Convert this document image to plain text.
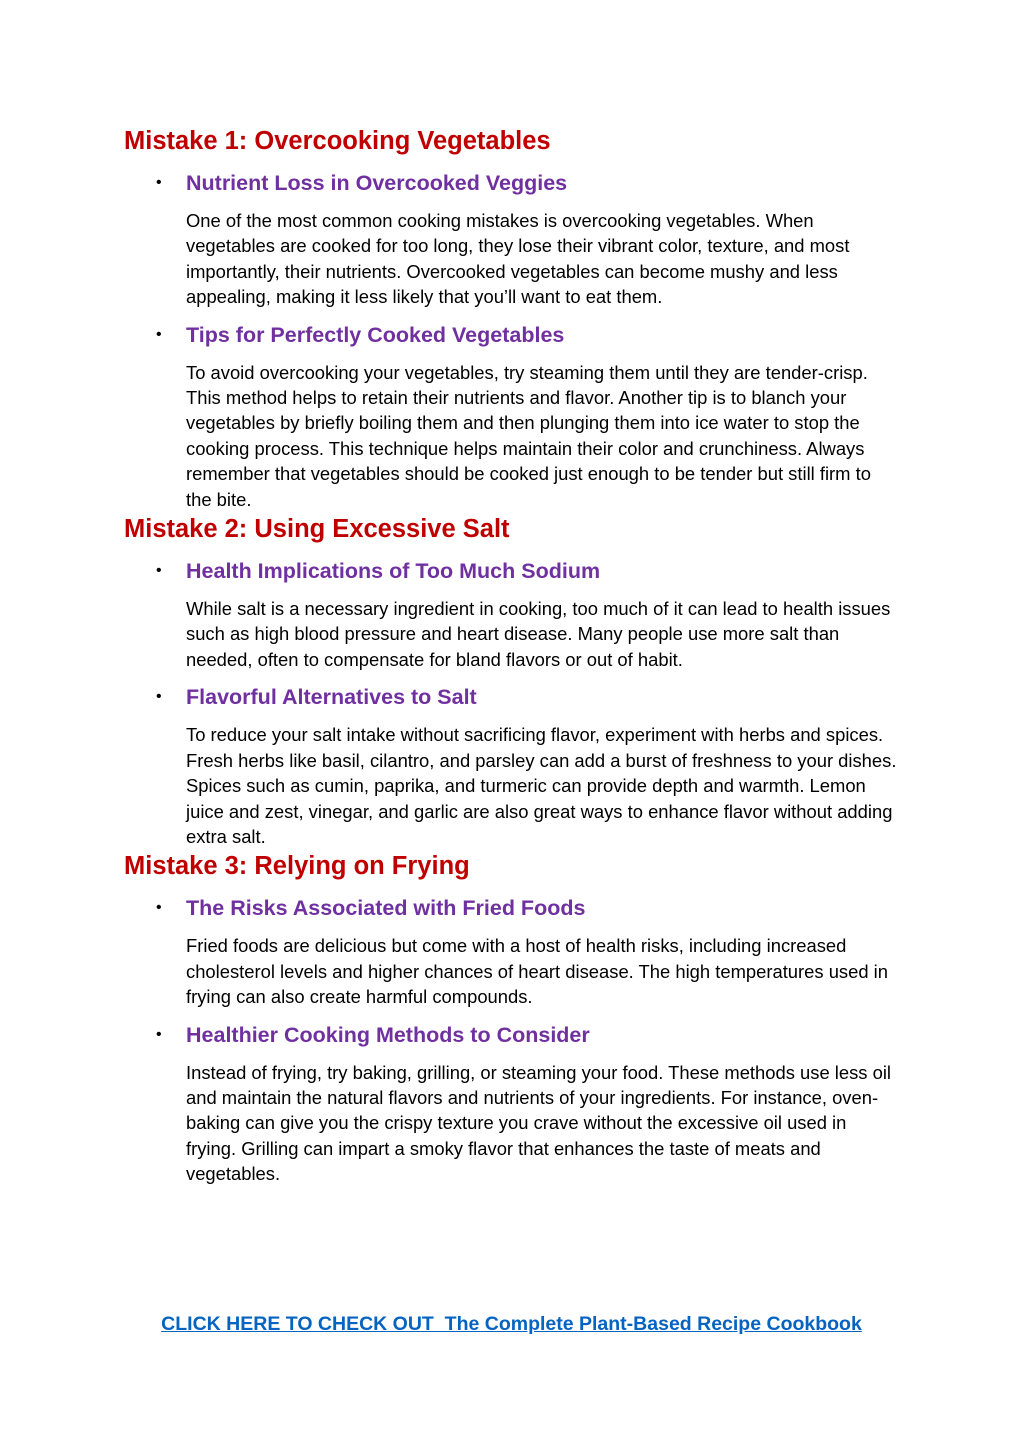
Mistake 1: Overcooking Vegetables
• Nutrient Loss in Overcooked Veggies

One of the most common cooking mistakes is overcooking vegetables. When vegetables are cooked for too long, they lose their vibrant color, texture, and most importantly, their nutrients. Overcooked vegetables can become mushy and less appealing, making it less likely that you’ll want to eat them.

• Tips for Perfectly Cooked Vegetables

To avoid overcooking your vegetables, try steaming them until they are tender-crisp. This method helps to retain their nutrients and flavor. Another tip is to blanch your vegetables by briefly boiling them and then plunging them into ice water to stop the cooking process. This technique helps maintain their color and crunchiness. Always remember that vegetables should be cooked just enough to be tender but still firm to the bite.

Mistake 2: Using Excessive Salt
• Health Implications of Too Much Sodium

While salt is a necessary ingredient in cooking, too much of it can lead to health issues such as high blood pressure and heart disease. Many people use more salt than needed, often to compensate for bland flavors or out of habit.

• Flavorful Alternatives to Salt

To reduce your salt intake without sacrificing flavor, experiment with herbs and spices. Fresh herbs like basil, cilantro, and parsley can add a burst of freshness to your dishes. Spices such as cumin, paprika, and turmeric can provide depth and warmth. Lemon juice and zest, vinegar, and garlic are also great ways to enhance flavor without adding extra salt.

Mistake 3: Relying on Frying
• The Risks Associated with Fried Foods

Fried foods are delicious but come with a host of health risks, including increased cholesterol levels and higher chances of heart disease. The high temperatures used in frying can also create harmful compounds.

• Healthier Cooking Methods to Consider

Instead of frying, try baking, grilling, or steaming your food. These methods use less oil and maintain the natural flavors and nutrients of your ingredients. For instance, oven-baking can give you the crispy texture you crave without the excessive oil used in frying. Grilling can impart a smoky flavor that enhances the taste of meats and vegetables.

CLICK HERE TO CHECK OUT  The Complete Plant-Based Recipe Cookbook
